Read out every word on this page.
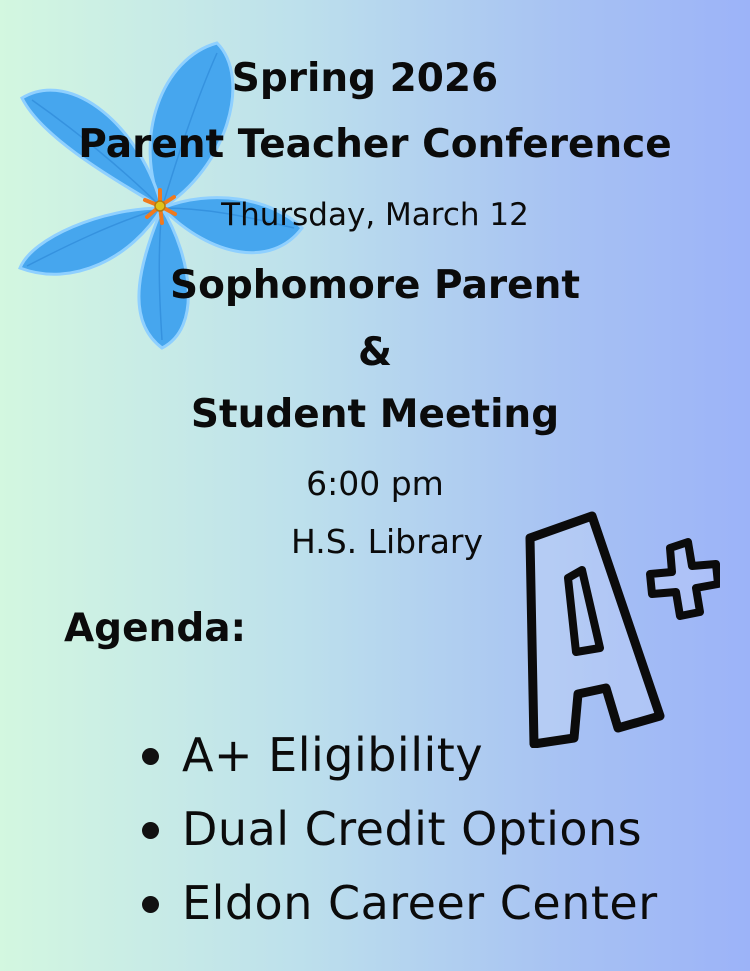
Spring 2026
Parent Teacher Conference
Thursday, March 12
Sophomore Parent
&
Student Meeting
6:00 pm
H.S. Library
Agenda:
A+ Eligibility
Dual Credit Options
Eldon Career Center
